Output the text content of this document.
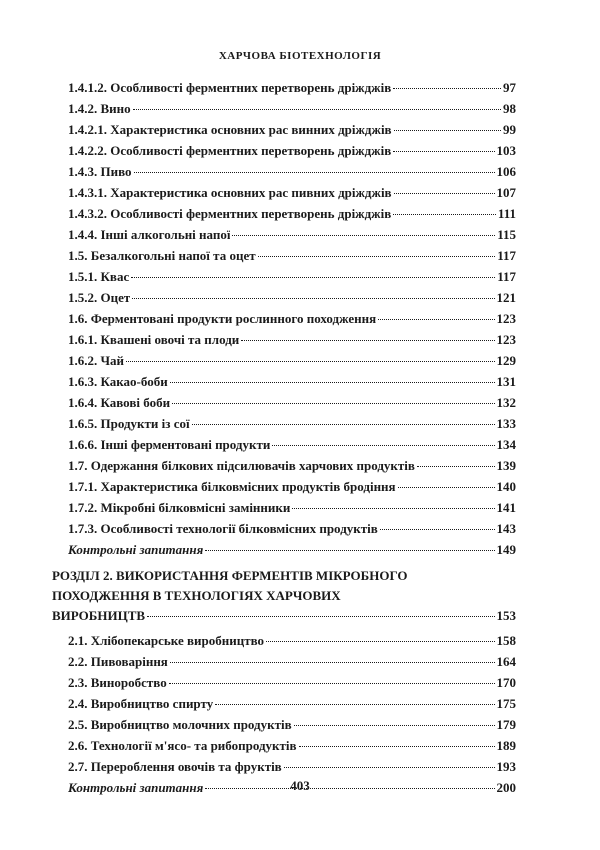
ХАРЧОВА БІОТЕХНОЛОГІЯ
1.4.1.2. Особливості ферментних перетворень дріжджів	97
1.4.2. Вино	98
1.4.2.1. Характеристика основних рас винних дріжджів	99
1.4.2.2. Особливості ферментних перетворень дріжджів	103
1.4.3. Пиво	106
1.4.3.1. Характеристика основних рас пивних дріжджів	107
1.4.3.2. Особливості ферментних перетворень дріжджів	111
1.4.4. Інші алкогольні напої	115
1.5. Безалкогольні напої та оцет	117
1.5.1. Квас	117
1.5.2. Оцет	121
1.6. Ферментовані продукти рослинного походження	123
1.6.1. Квашені овочі та плоди	123
1.6.2. Чай	129
1.6.3. Какао-боби	131
1.6.4. Кавові боби	132
1.6.5. Продукти із сої	133
1.6.6. Інші ферментовані продукти	134
1.7. Одержання білкових підсилювачів харчових продуктів	139
1.7.1. Характеристика білковмісних продуктів бродіння	140
1.7.2. Мікробні білковмісні замінники	141
1.7.3. Особливості технології білковмісних продуктів	143
Контрольні запитання	149
РОЗДІЛ 2. ВИКОРИСТАННЯ ФЕРМЕНТІВ МІКРОБНОГО
ПОХОДЖЕННЯ В ТЕХНОЛОГІЯХ ХАРЧОВИХ
ВИРОБНИЦТВ	153
2.1. Хлібопекарське виробництво	158
2.2. Пивоваріння	164
2.3. Виноробство	170
2.4. Виробництво спирту	175
2.5. Виробництво молочних продуктів	179
2.6. Технології м'ясо- та рибопродуктів	189
2.7. Перероблення овочів та фруктів	193
Контрольні запитання	200
403
